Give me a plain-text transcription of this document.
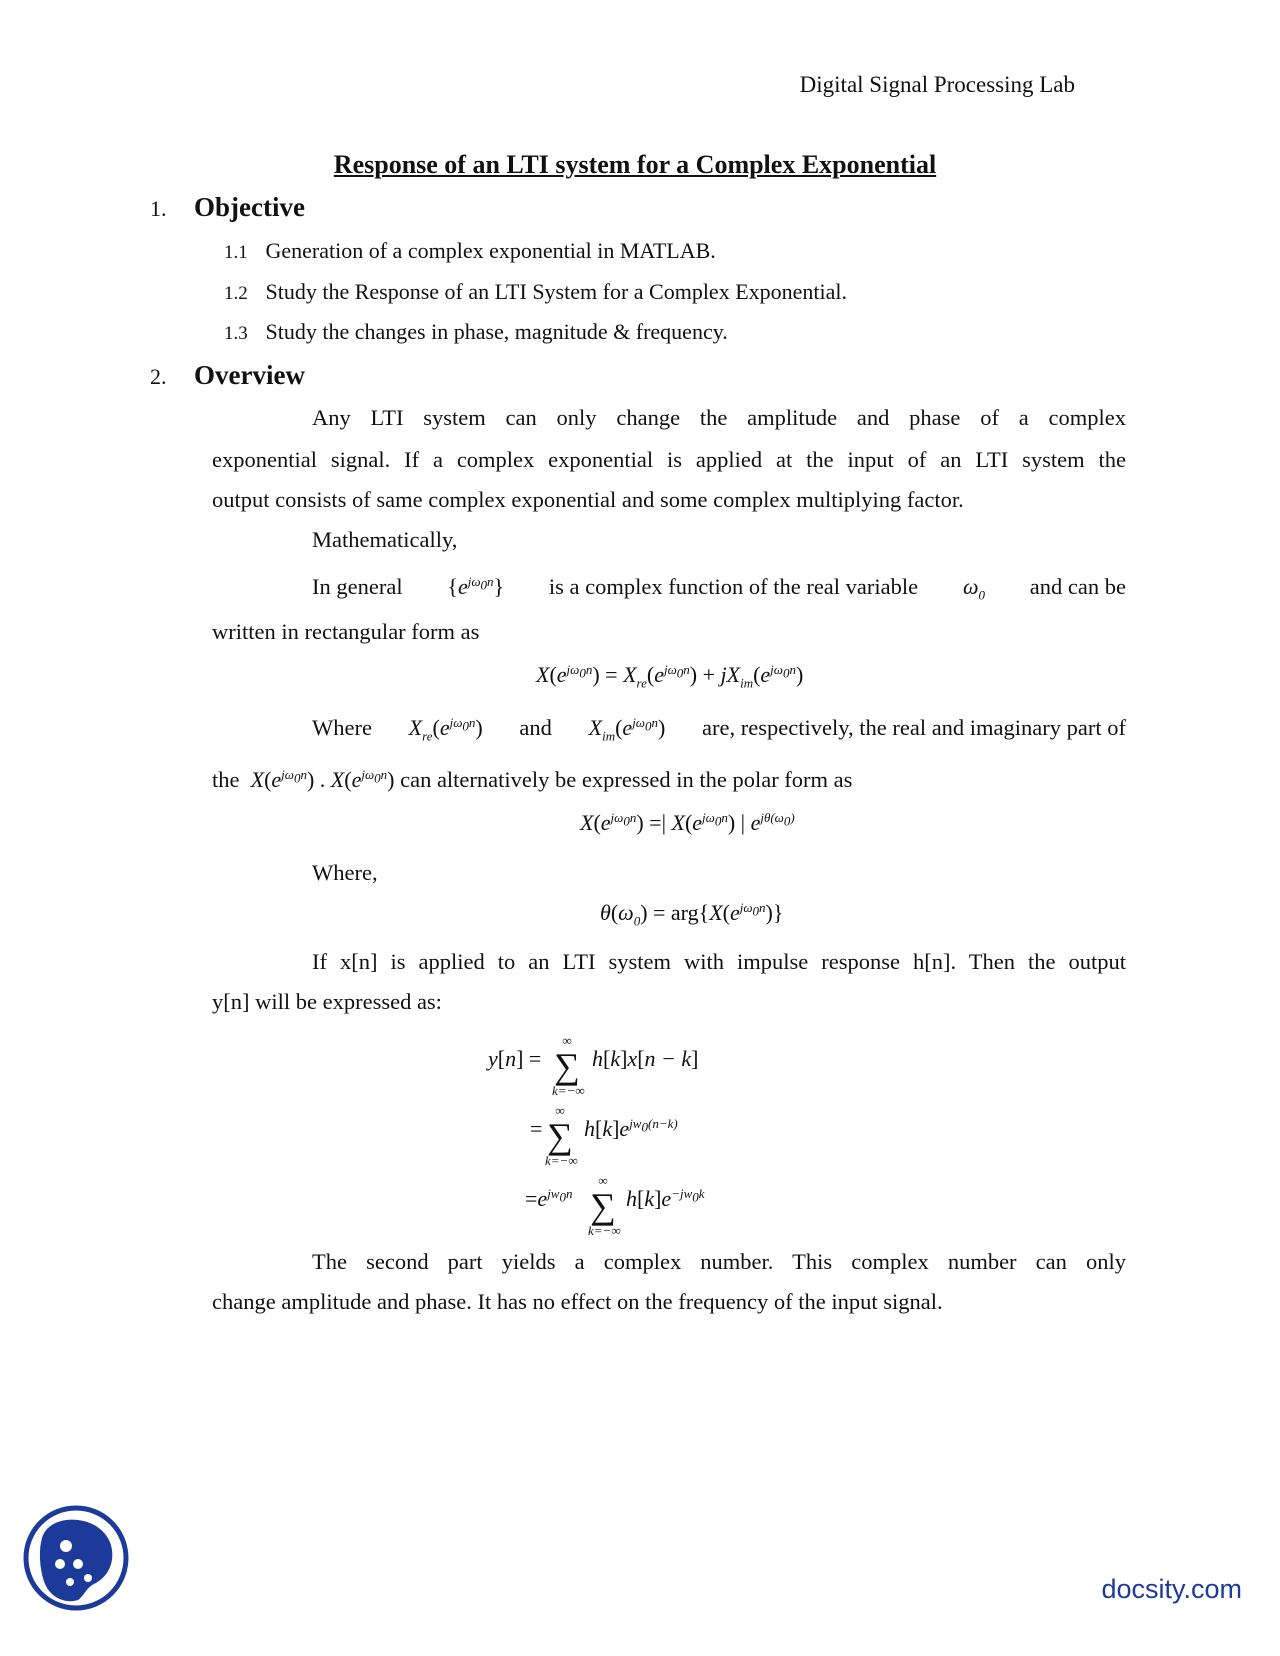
Digital Signal Processing Lab
Response of an LTI system for a Complex Exponential
1. Objective
1.1 Generation of a complex exponential in MATLAB.
1.2 Study the Response of an LTI System for a Complex Exponential.
1.3 Study the changes in phase, magnitude & frequency.
2. Overview
Any LTI system can only change the amplitude and phase of a complex
exponential signal. If a complex exponential is applied at the input of an LTI system the
output consists of same complex exponential and some complex multiplying factor.
Mathematically,
In general $\{e^{j\omega_0n}\}$ is a complex function of the real variable $\omega_0$ and can be
written in rectangular form as
$X(e^{j\omega_0n}) = X_{re}(e^{j\omega_0n}) + jX_{im}(e^{j\omega_0n})$
Where $X_{re}(e^{j\omega_0n})$ and $X_{im}(e^{j\omega_0n})$ are, respectively, the real and imaginary part of
the  $X(e^{j\omega_0n})$ . $X(e^{j\omega_0n})$ can alternatively be expressed in the polar form as
$X(e^{j\omega_0n})$ =| $X(e^{j\omega_0n})$ | $e^{j\theta(\omega_0)}$
Where,
$\theta(\omega_0) = arg\{X(e^{j\omega_0n})\}$
If x[n] is applied to an LTI system with impulse response h[n]. Then the output
y[n] will be expressed as:
y[n] =
∞
∑
k=−∞
h[k]x[n − k]
=
∞
∑
k=−∞
$h[k]e^{jw_0(n-k)}$
$=e^{jw_0n}$
∞
∑
k=−∞
$h[k]e^{-jw_0k}$
The second part yields a complex number. This complex number can only
change amplitude and phase. It has no effect on the frequency of the input signal.
docsity.com
